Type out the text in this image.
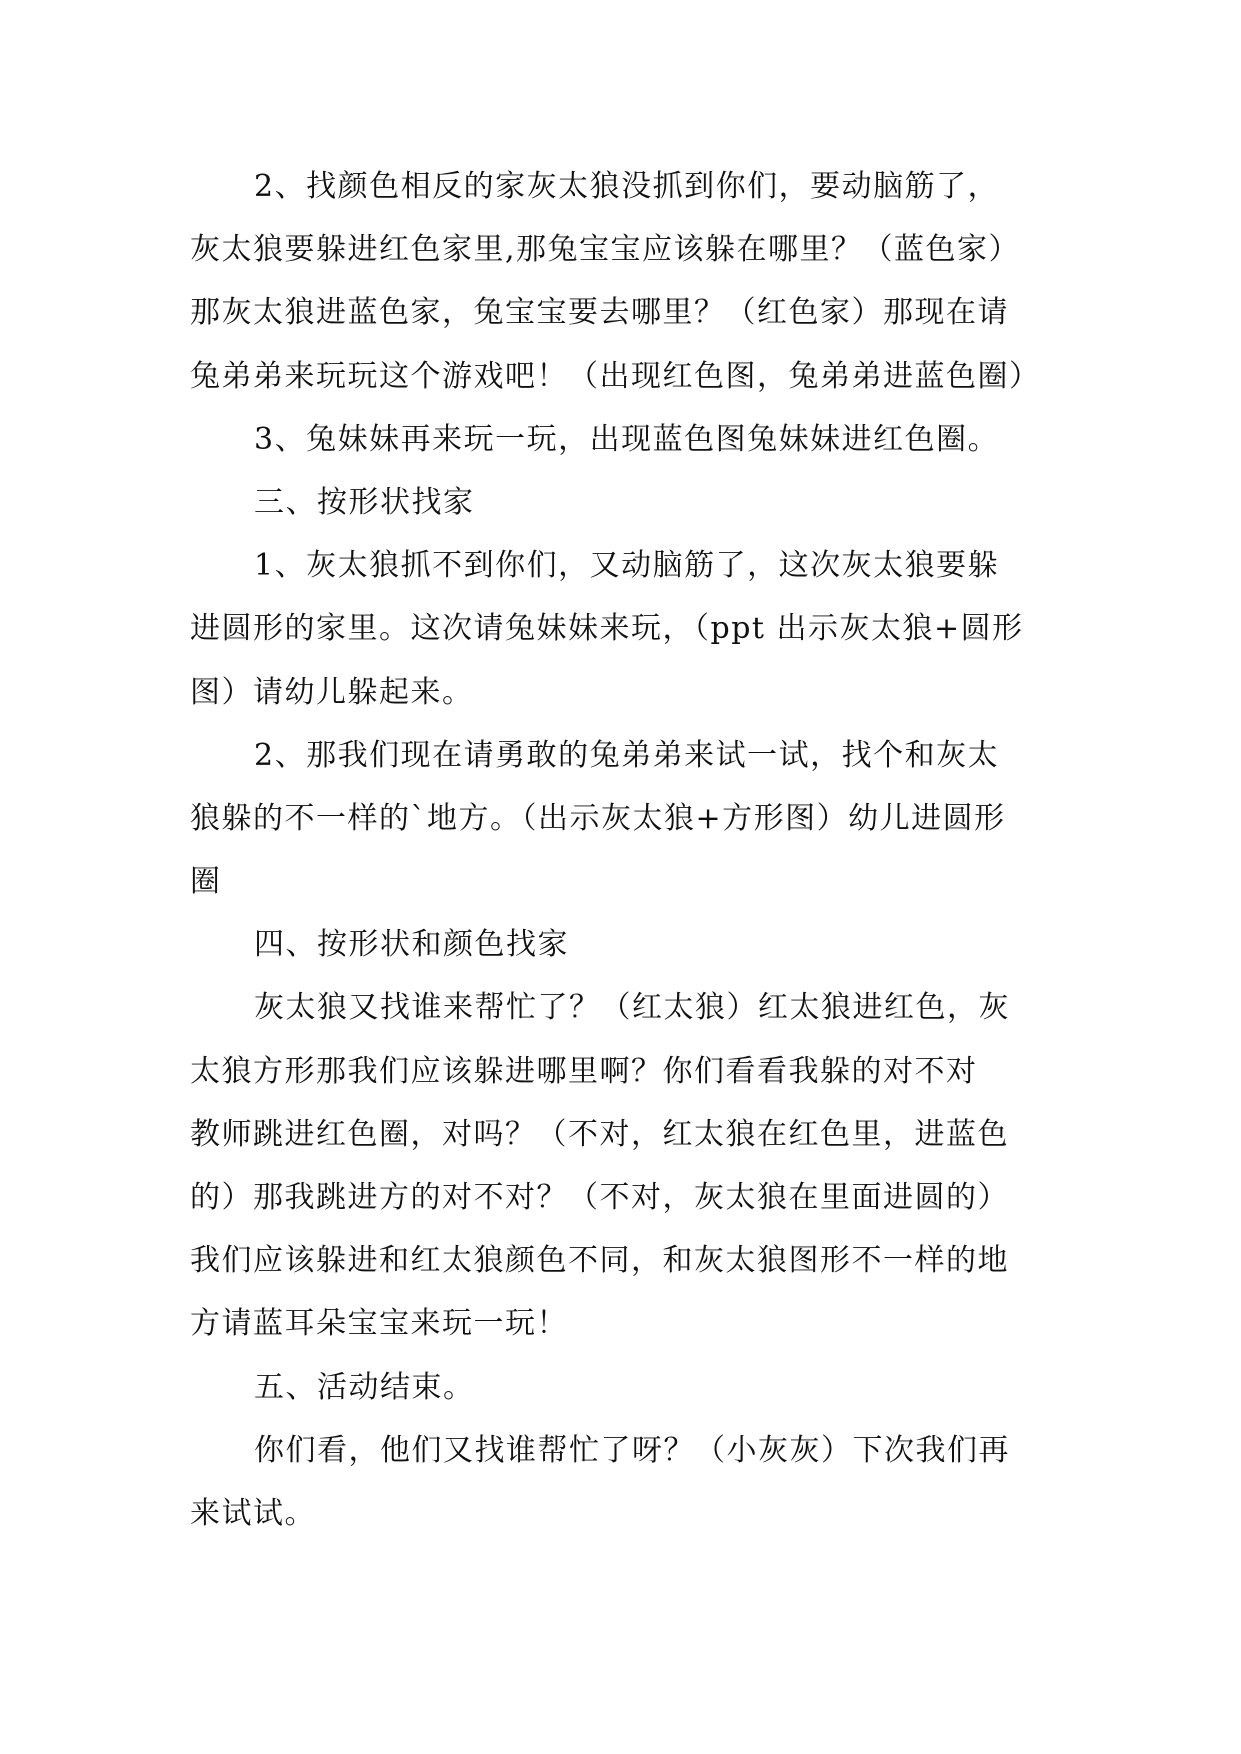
2、找颜色相反的家灰太狼没抓到你们，要动脑筋了，
灰太狼要躲进红色家里,那兔宝宝应该躲在哪里？（蓝色家）
那灰太狼进蓝色家，兔宝宝要去哪里？（红色家）那现在请
兔弟弟来玩玩这个游戏吧！（出现红色图，兔弟弟进蓝色圈）
3、兔妹妹再来玩一玩，出现蓝色图兔妹妹进红色圈。
三、按形状找家
1、灰太狼抓不到你们，又动脑筋了，这次灰太狼要躲
进圆形的家里。这次请兔妹妹来玩，（ppt 出示灰太狼+圆形
图）请幼儿躲起来。
2、那我们现在请勇敢的兔弟弟来试一试，找个和灰太
狼躲的不一样的`地方。（出示灰太狼+方形图）幼儿进圆形
圈
四、按形状和颜色找家
灰太狼又找谁来帮忙了？（红太狼）红太狼进红色，灰
太狼方形那我们应该躲进哪里啊？你们看看我躲的对不对
教师跳进红色圈，对吗？（不对，红太狼在红色里，进蓝色
的）那我跳进方的对不对？（不对，灰太狼在里面进圆的）
我们应该躲进和红太狼颜色不同，和灰太狼图形不一样的地
方请蓝耳朵宝宝来玩一玩！
五、活动结束。
你们看，他们又找谁帮忙了呀？（小灰灰）下次我们再
来试试。
